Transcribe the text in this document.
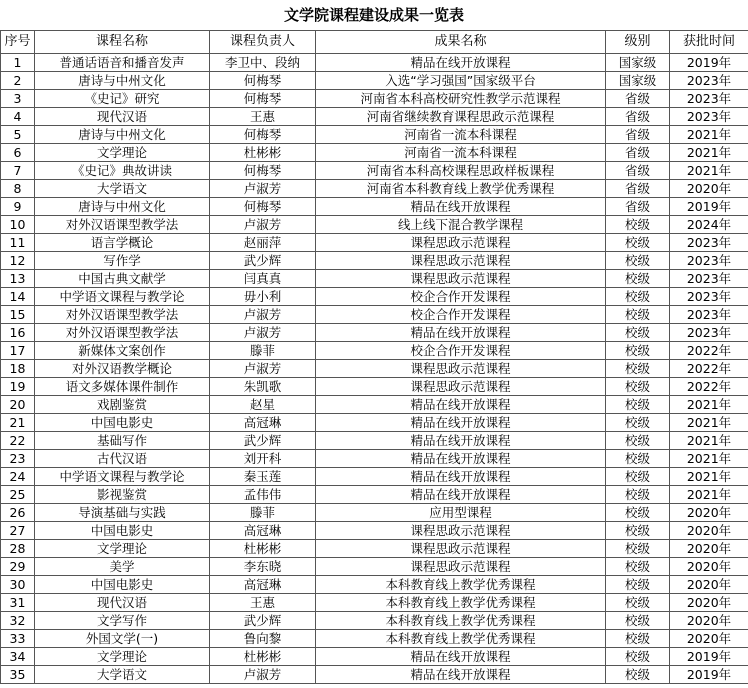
文学院课程建设成果一览表
序号	课程名称	课程负责人	成果名称	级别	获批时间
1	普通话语音和播音发声	李卫中、段纳	精品在线开放课程	国家级	2019年
2	唐诗与中州文化	何梅琴	入选“学习强国”国家级平台	国家级	2023年
3	《史记》研究	何梅琴	河南省本科高校研究性教学示范课程	省级	2023年
4	现代汉语	王惠	河南省继续教育课程思政示范课程	省级	2023年
5	唐诗与中州文化	何梅琴	河南省一流本科课程	省级	2021年
6	文学理论	杜彬彬	河南省一流本科课程	省级	2021年
7	《史记》典故讲读	何梅琴	河南省本科高校课程思政样板课程	省级	2021年
8	大学语文	卢淑芳	河南省本科教育线上教学优秀课程	省级	2020年
9	唐诗与中州文化	何梅琴	精品在线开放课程	省级	2019年
10	对外汉语课型教学法	卢淑芳	线上线下混合教学课程	校级	2024年
11	语言学概论	赵丽萍	课程思政示范课程	校级	2023年
12	写作学	武少辉	课程思政示范课程	校级	2023年
13	中国古典文献学	闫真真	课程思政示范课程	校级	2023年
14	中学语文课程与教学论	毋小利	校企合作开发课程	校级	2023年
15	对外汉语课型教学法	卢淑芳	校企合作开发课程	校级	2023年
16	对外汉语课型教学法	卢淑芳	精品在线开放课程	校级	2023年
17	新媒体文案创作	滕菲	校企合作开发课程	校级	2022年
18	对外汉语教学概论	卢淑芳	课程思政示范课程	校级	2022年
19	语文多媒体课件制作	朱凯歌	课程思政示范课程	校级	2022年
20	戏剧鉴赏	赵星	精品在线开放课程	校级	2021年
21	中国电影史	高冠琳	精品在线开放课程	校级	2021年
22	基础写作	武少辉	精品在线开放课程	校级	2021年
23	古代汉语	刘开科	精品在线开放课程	校级	2021年
24	中学语文课程与教学论	秦玉莲	精品在线开放课程	校级	2021年
25	影视鉴赏	孟伟伟	精品在线开放课程	校级	2021年
26	导演基础与实践	滕菲	应用型课程	校级	2020年
27	中国电影史	高冠琳	课程思政示范课程	校级	2020年
28	文学理论	杜彬彬	课程思政示范课程	校级	2020年
29	美学	李东晓	课程思政示范课程	校级	2020年
30	中国电影史	高冠琳	本科教育线上教学优秀课程	校级	2020年
31	现代汉语	王惠	本科教育线上教学优秀课程	校级	2020年
32	文学写作	武少辉	本科教育线上教学优秀课程	校级	2020年
33	外国文学(一)	鲁向黎	本科教育线上教学优秀课程	校级	2020年
34	文学理论	杜彬彬	精品在线开放课程	校级	2019年
35	大学语文	卢淑芳	精品在线开放课程	校级	2019年
